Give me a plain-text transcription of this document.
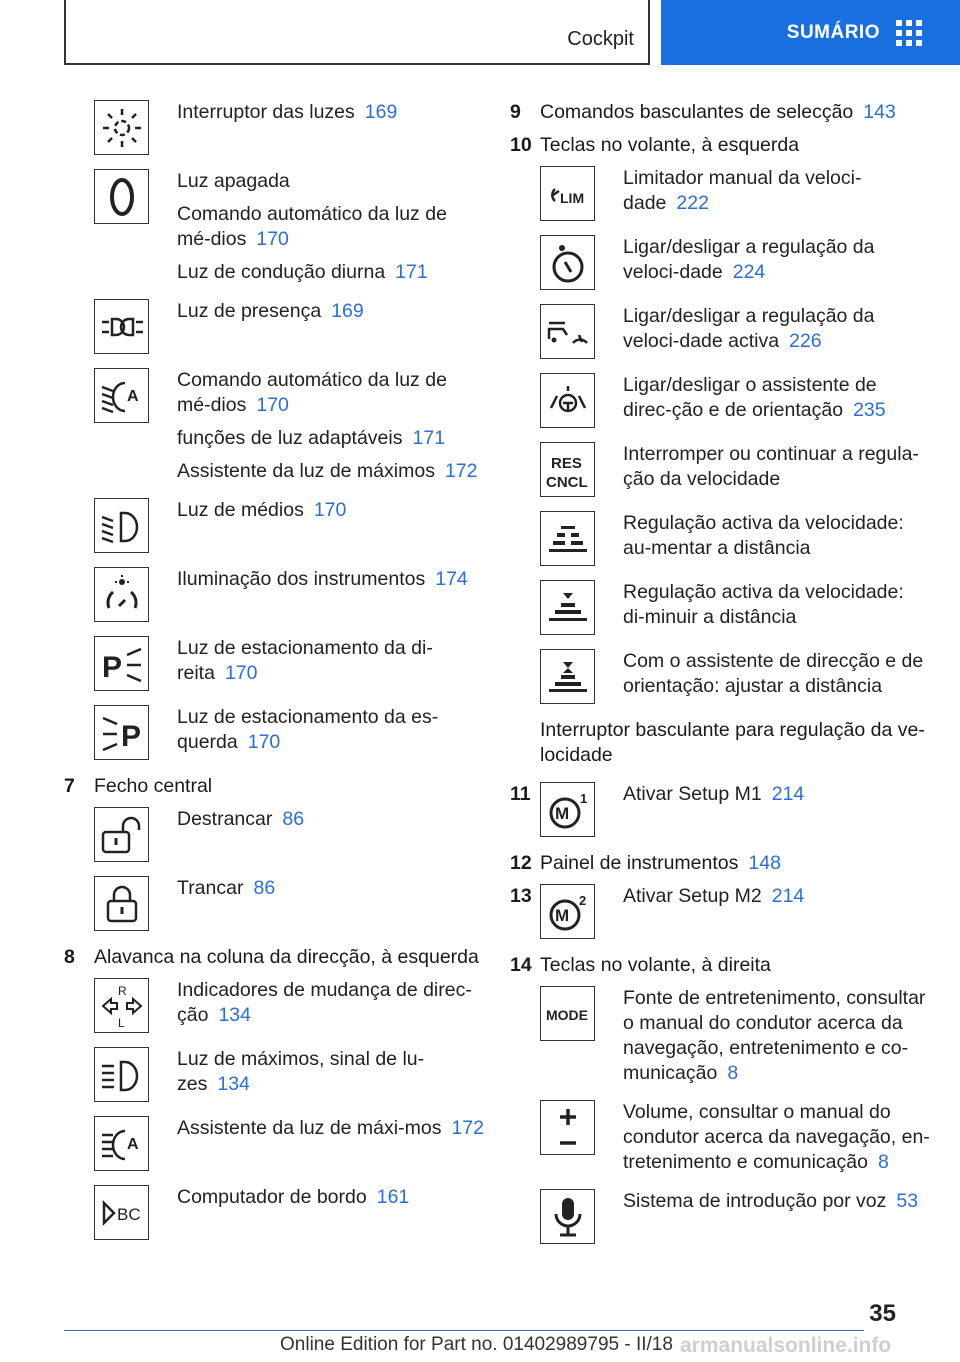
Cockpit	SUMÁRIO

Interruptor das luzes 169

Luz apagada

Comando automático da luz de mé-dios 170

Luz de condução diurna 171

Luz de presença 169

A

Comando automático da luz de mé-dios 170

funções de luz adaptáveis 171

Assistente da luz de máximos 172

Luz de médios 170

Iluminação dos instrumentos 174

P

Luz de estacionamento da di-reita 170

P

Luz de estacionamento da es-querda 170

7 Fecho central

Destrancar 86

Trancar 86

8 Alavanca na coluna da direcção, à esquerda
R
L

Indicadores de mudança de direc-ção 134

Luz de máximos, sinal de lu-zes 134

A

Assistente da luz de máxi-mos 172

BC

Computador de bordo 161

9 Comandos basculantes de selecção 143
10 Teclas no volante, à esquerda
LIM

Limitador manual da veloci-dade 222

Ligar/desligar a regulação da veloci-dade 224

Ligar/desligar a regulação da veloci-dade activa 226

Ligar/desligar o assistente de direc-ção e de orientação 235

RES
CNCL

Interromper ou continuar a regula-ção da velocidade

Regulação activa da velocidade: au-mentar a distância

Regulação activa da velocidade: di-minuir a distância

Com o assistente de direcção e de orientação: ajustar a distância

Interruptor basculante para regulação da ve-locidade
11
M
1 Ativar Setup M1 214

12 Painel de instrumentos 148
13
M
2 Ativar Setup M2 214

14 Teclas no volante, à direita
MODE

Fonte de entretenimento, consultar o manual do condutor acerca da navegação, entretenimento e co-municação 8

Volume, consultar o manual do condutor acerca da navegação, en-tretenimento e comunicação 8

Sistema de introdução por voz 53

35
Online Edition for Part no. 01402989795 - II/18 armanualsonline.info
